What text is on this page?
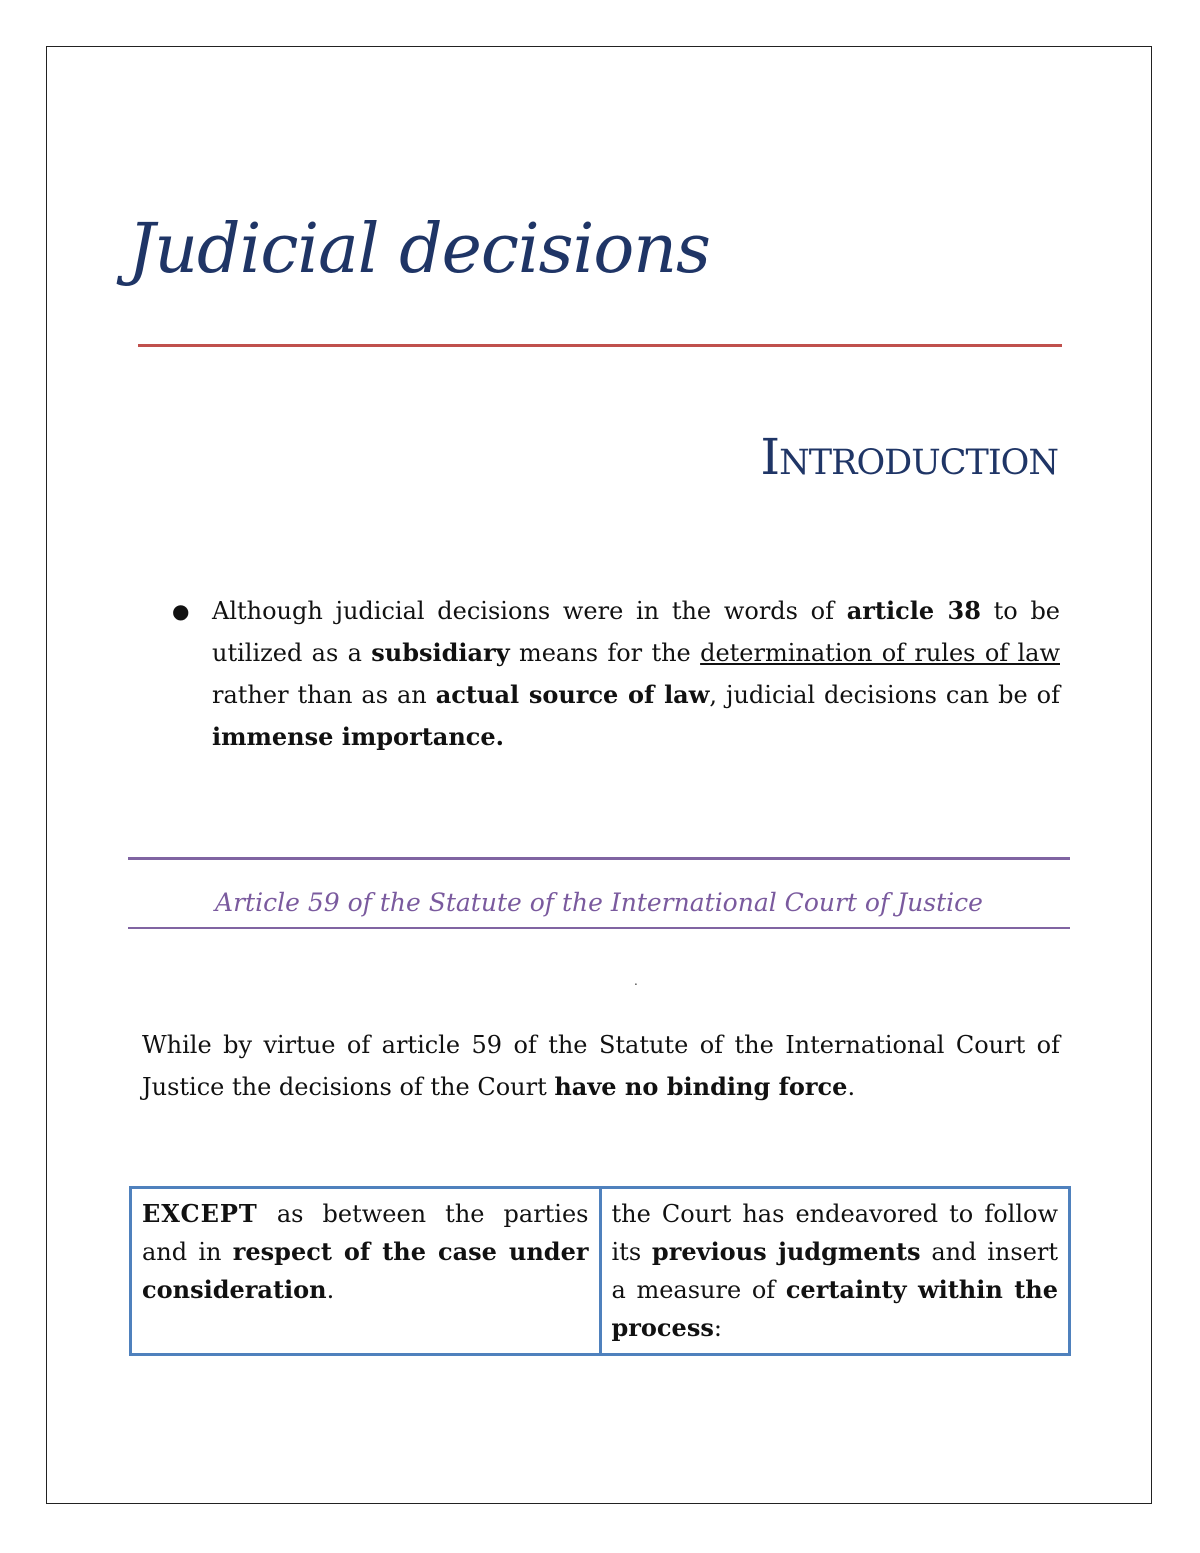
Judicial decisions
Introduction
● Although judicial decisions were in the words of article 38 to be utilized as a subsidiary means for the determination of rules of law rather than as an actual source of law, judicial decisions can be of immense importance.
Article 59 of the Statute of the International Court of Justice
.

While by virtue of article 59 of the Statute of the International Court of Justice the decisions of the Court have no binding force.

EXCEPT as between the parties and in respect of the case under consideration.	the Court has endeavored to follow its previous judgments and insert a measure of certainty within the process:
